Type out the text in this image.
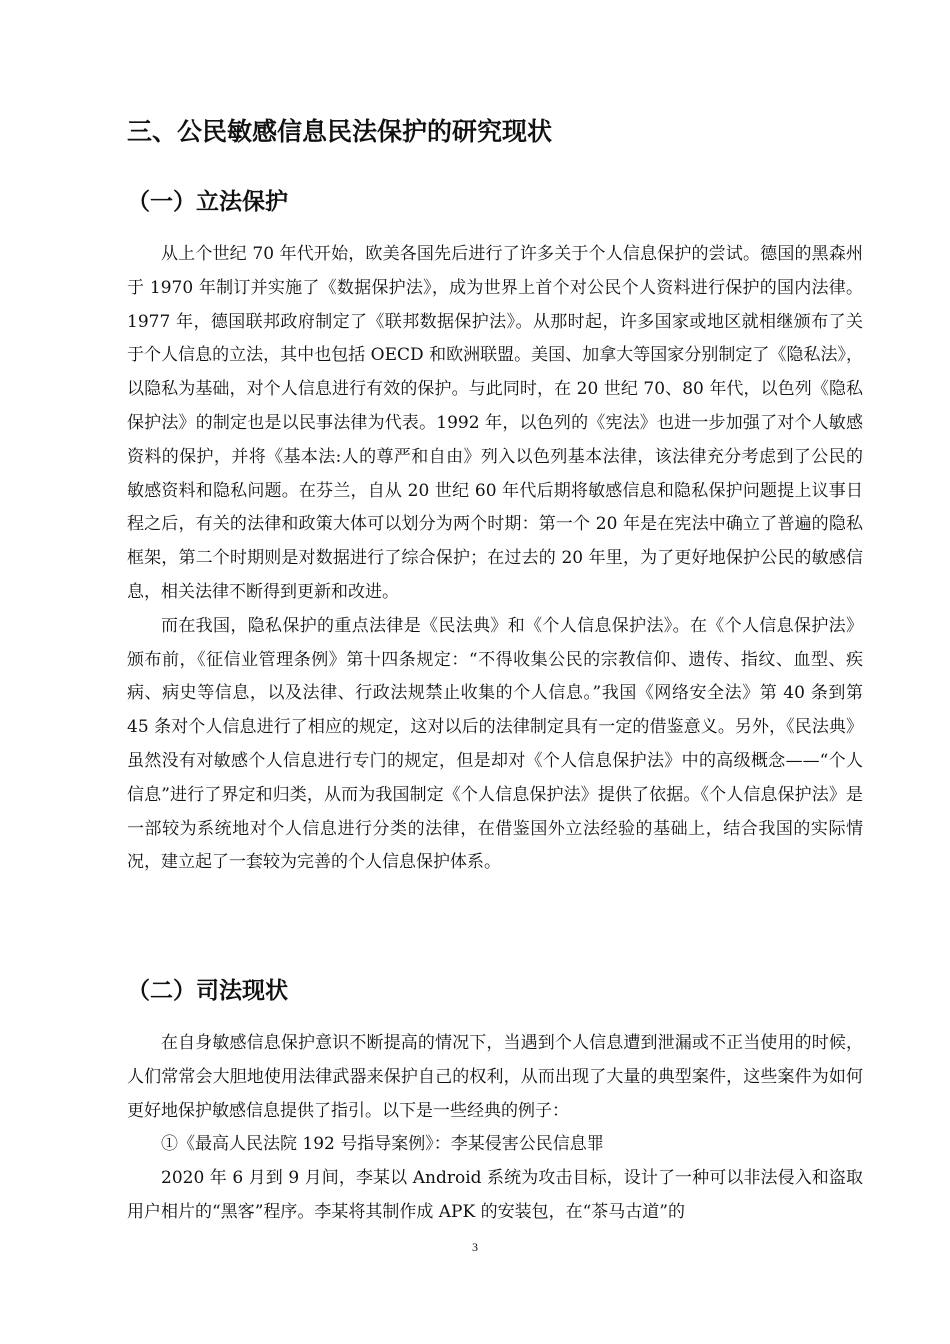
三、公民敏感信息民法保护的研究现状
（一）立法保护

从上个世纪 70 年代开始，欧美各国先后进行了许多关于个人信息保护的尝试。德国的黑森州于 1970 年制订并实施了《数据保护法》，成为世界上首个对公民个人资料进行保护的国内法律。1977 年，德国联邦政府制定了《联邦数据保护法》。从那时起，许多国家或地区就相继颁布了关于个人信息的立法，其中也包括 OECD 和欧洲联盟。美国、加拿大等国家分别制定了《隐私法》，以隐私为基础，对个人信息进行有效的保护。与此同时，在 20 世纪 70、80 年代，以色列《隐私保护法》的制定也是以民事法律为代表。1992 年，以色列的《宪法》也进一步加强了对个人敏感资料的保护，并将《基本法:人的尊严和自由》列入以色列基本法律，该法律充分考虑到了公民的敏感资料和隐私问题。在芬兰，自从 20 世纪 60 年代后期将敏感信息和隐私保护问题提上议事日程之后，有关的法律和政策大体可以划分为两个时期：第一个 20 年是在宪法中确立了普遍的隐私框架，第二个时期则是对数据进行了综合保护；在过去的 20 年里，为了更好地保护公民的敏感信息，相关法律不断得到更新和改进。

而在我国，隐私保护的重点法律是《民法典》和《个人信息保护法》。在《个人信息保护法》颁布前，《征信业管理条例》第十四条规定：“不得收集公民的宗教信仰、遗传、指纹、血型、疾病、病史等信息，以及法律、行政法规禁止收集的个人信息。”我国《网络安全法》第 40 条到第 45 条对个人信息进行了相应的规定，这对以后的法律制定具有一定的借鉴意义。另外，《民法典》虽然没有对敏感个人信息进行专门的规定，但是却对《个人信息保护法》中的高级概念——“个人信息”进行了界定和归类，从而为我国制定《个人信息保护法》提供了依据。《个人信息保护法》是一部较为系统地对个人信息进行分类的法律，在借鉴国外立法经验的基础上，结合我国的实际情况，建立起了一套较为完善的个人信息保护体系。

（二）司法现状

在自身敏感信息保护意识不断提高的情况下，当遇到个人信息遭到泄漏或不正当使用的时候，人们常常会大胆地使用法律武器来保护自己的权利，从而出现了大量的典型案件，这些案件为如何更好地保护敏感信息提供了指引。以下是一些经典的例子：

①《最高人民法院 192 号指导案例》：李某侵害公民信息罪

2020 年 6 月到 9 月间，李某以 Android 系统为攻击目标，设计了一种可以非法侵入和盗取用户相片的“黑客”程序。李某将其制作成 APK 的安装包，在“茶马古道”的

3
